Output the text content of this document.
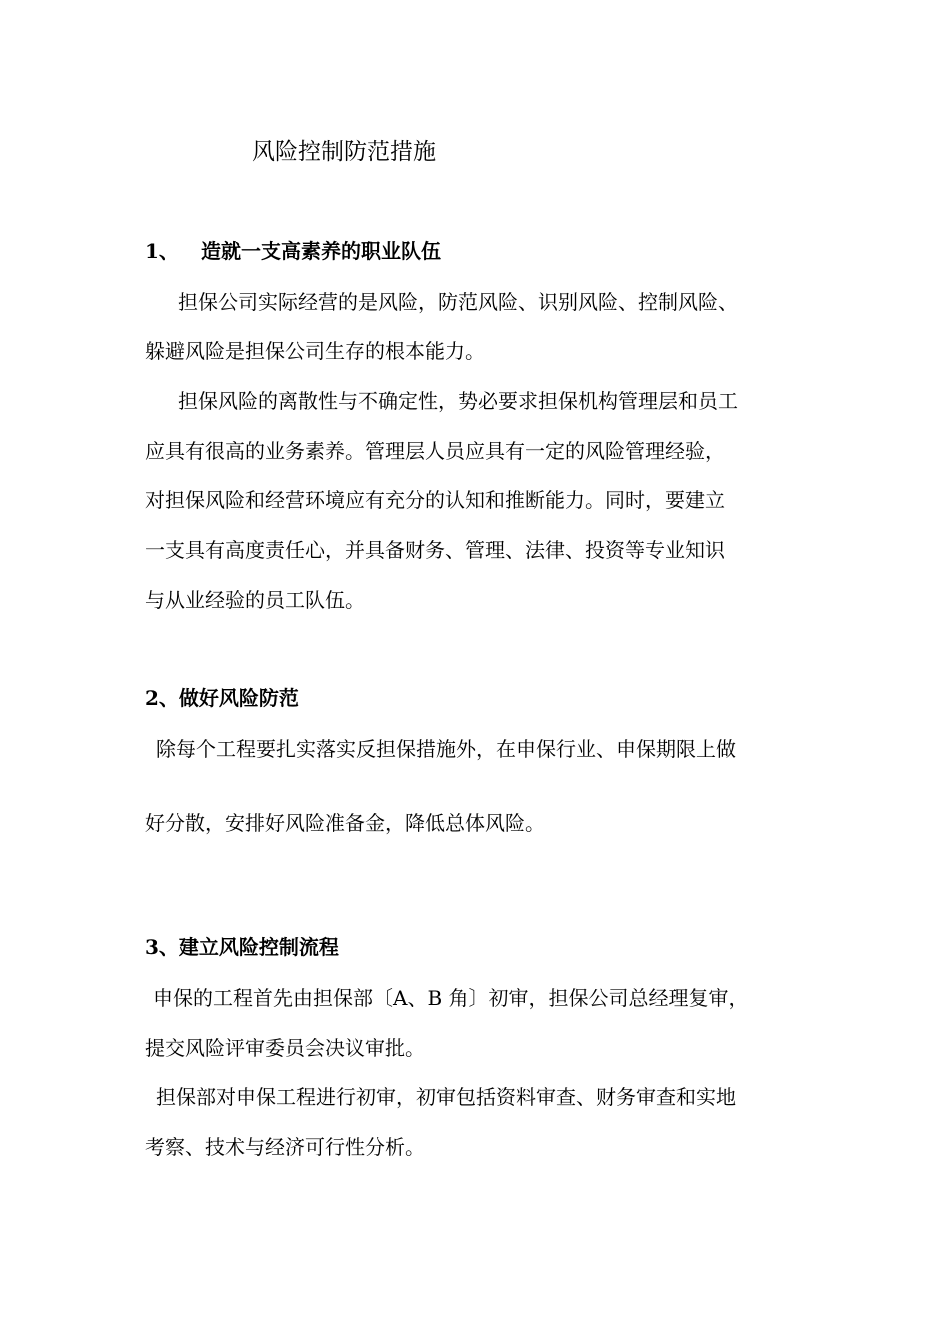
风险控制防范措施
1、 造就一支高素养的职业队伍
担保公司实际经营的是风险，防范风险、识别风险、控制风险、
躲避风险是担保公司生存的根本能力。
担保风险的离散性与不确定性，势必要求担保机构管理层和员工
应具有很高的业务素养。管理层人员应具有一定的风险管理经验，
对担保风险和经营环境应有充分的认知和推断能力。同时，要建立
一支具有高度责任心，并具备财务、管理、法律、投资等专业知识
与从业经验的员工队伍。
2、做好风险防范
除每个工程要扎实落实反担保措施外，在申保行业、申保期限上做
好分散，安排好风险准备金，降低总体风险。
3、建立风险控制流程
申保的工程首先由担保部〔A、B 角〕初审，担保公司总经理复审，
提交风险评审委员会决议审批。
担保部对申保工程进行初审，初审包括资料审查、财务审查和实地
考察、技术与经济可行性分析。
